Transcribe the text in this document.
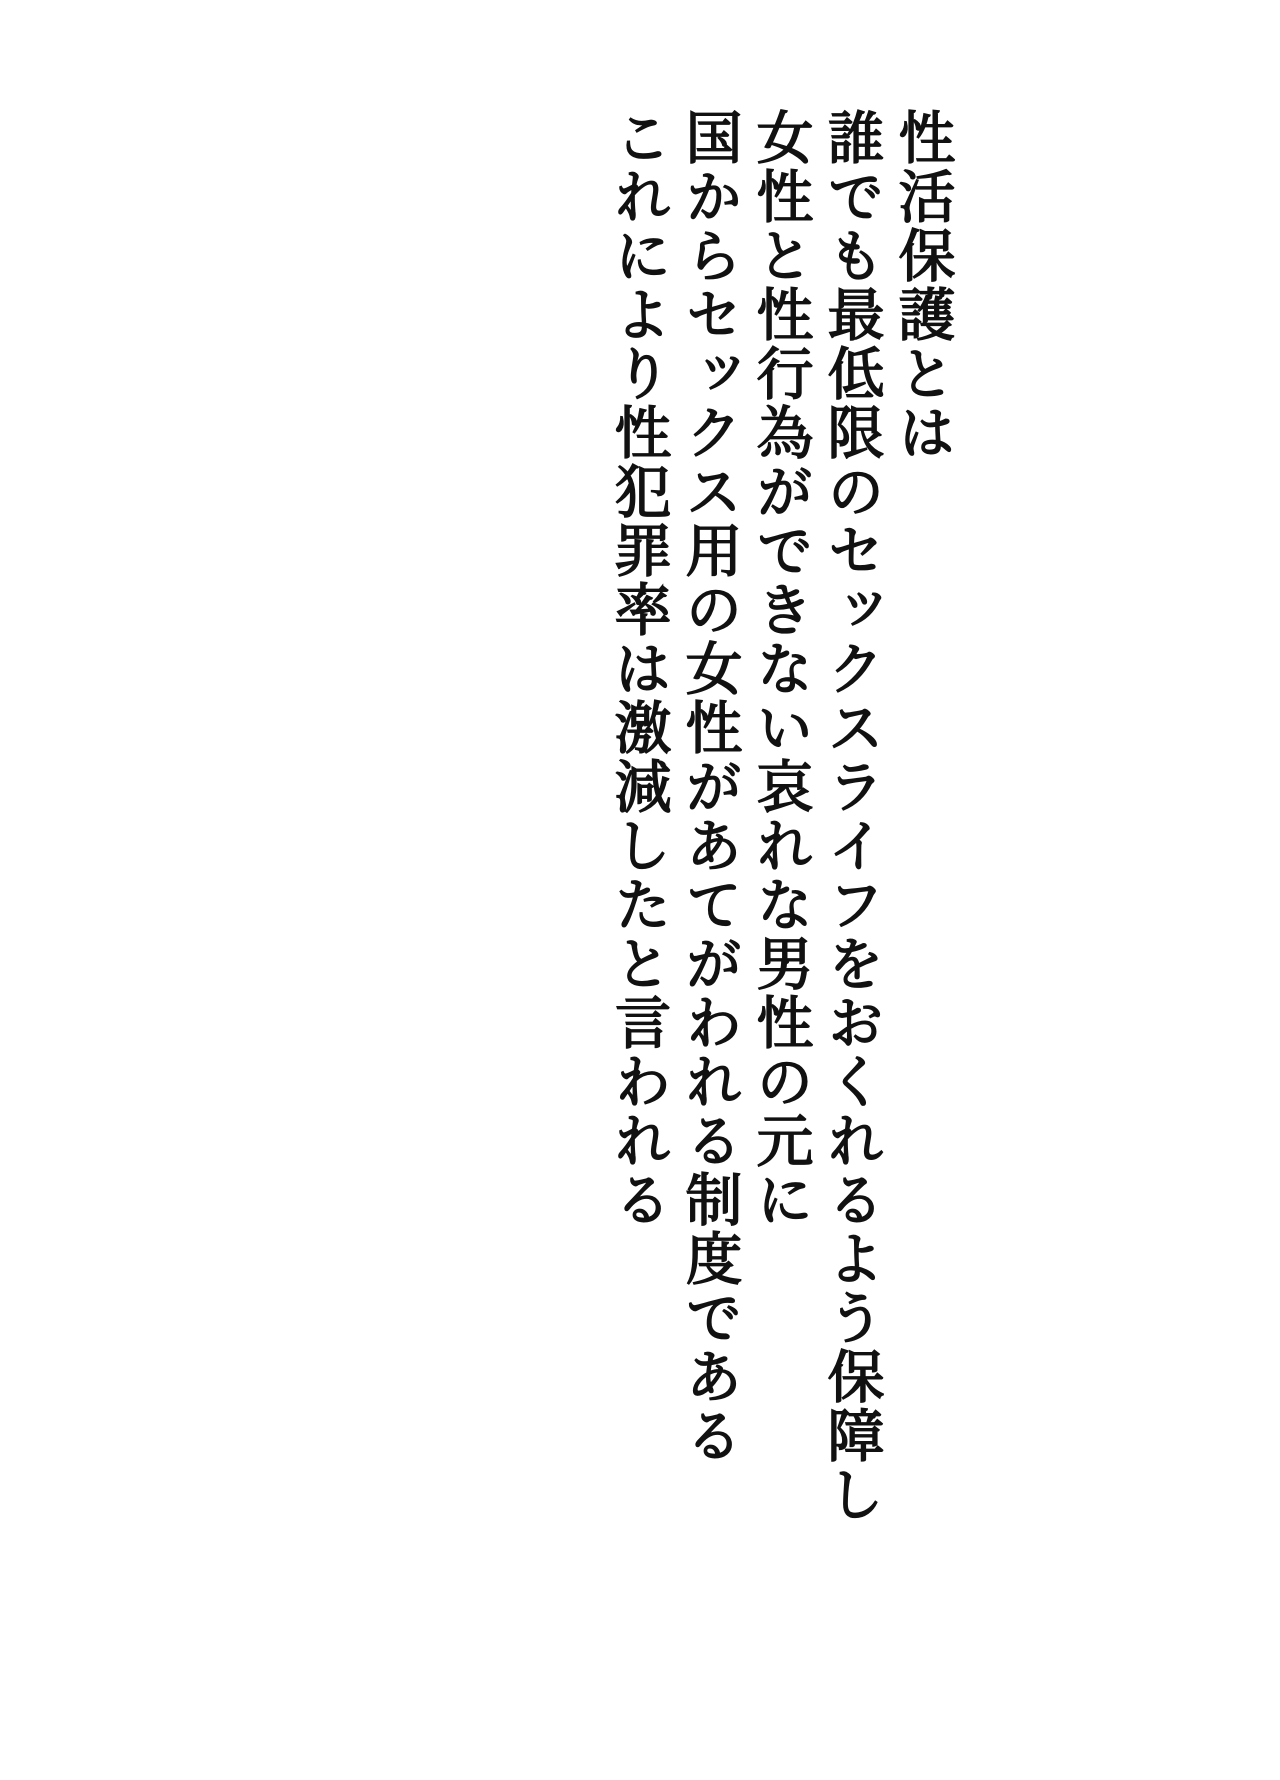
性活保護とは
誰でも最低限のセックスライフをおくれるよう保障し
女性と性行為ができない哀れな男性の元に
国からセックス用の女性があてがわれる制度である
これにより性犯罪率は激減したと言われる
